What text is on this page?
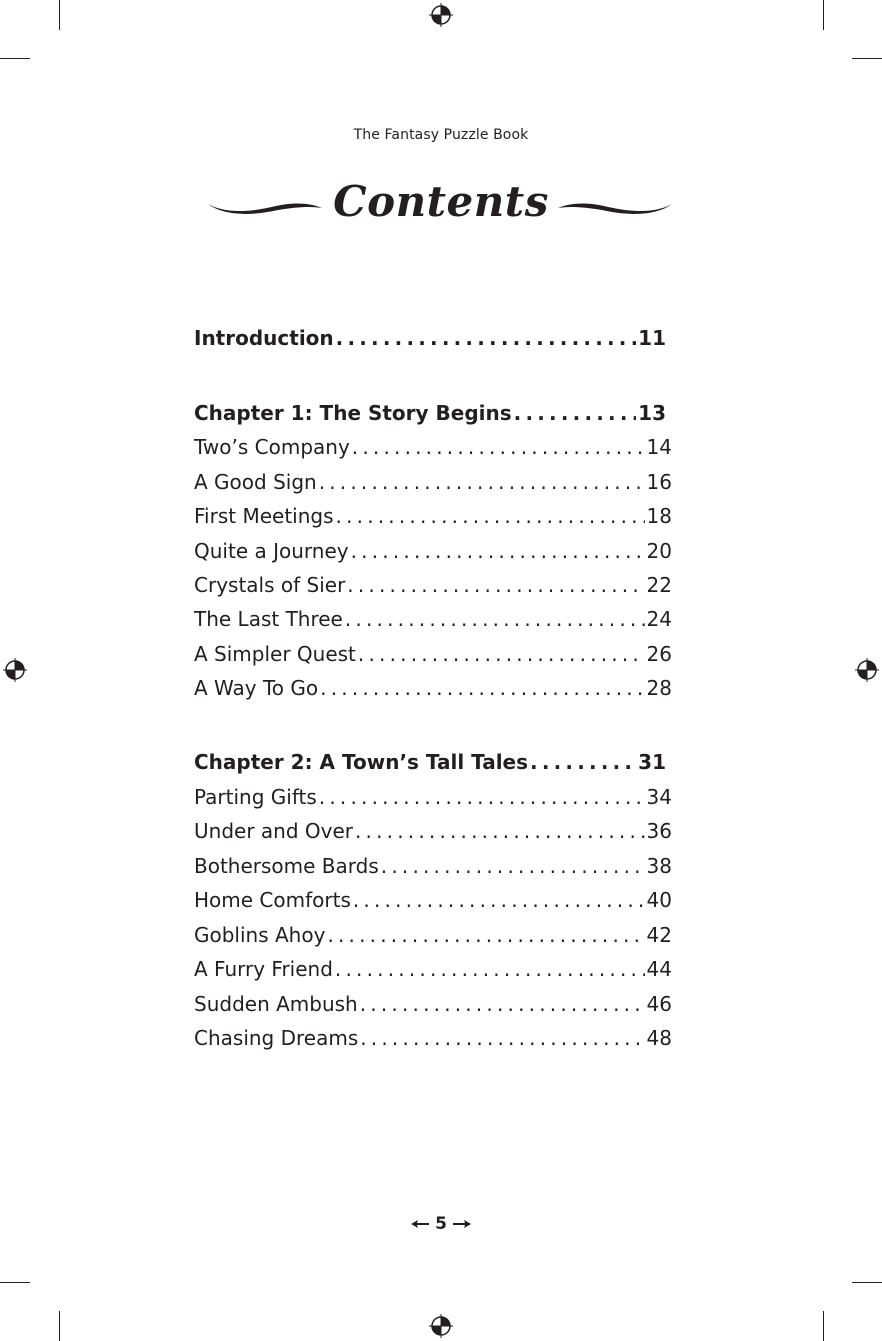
The Fantasy Puzzle Book
Contents
Introduction .....	11
Chapter 1: The Story Begins .....	13
Two’s Company .....	14
A Good Sign .....	16
First Meetings .....	18
Quite a Journey .....	20
Crystals of Sier .....	22
The Last Three .....	24
A Simpler Quest .....	26
A Way To Go .....	28
Chapter 2: A Town’s Tall Tales .....	31
Parting Gifts .....	34
Under and Over .....	36
Bothersome Bards .....	38
Home Comforts .....	40
Goblins Ahoy .....	42
A Furry Friend .....	44
Sudden Ambush .....	46
Chasing Dreams .....	48
5
